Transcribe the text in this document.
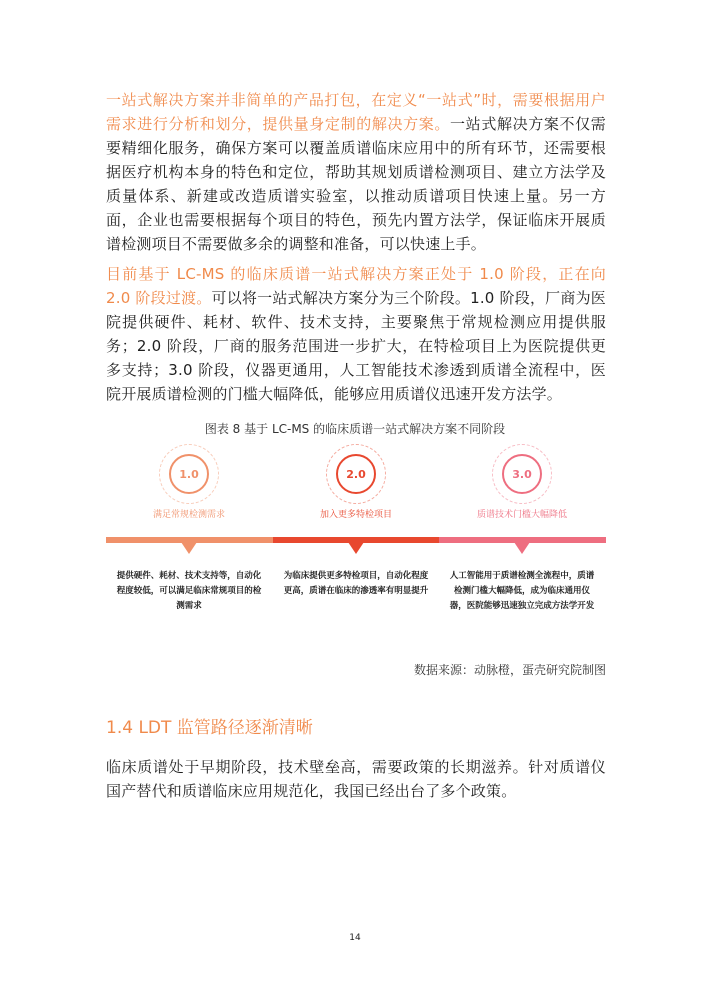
一站式解决方案并非简单的产品打包，在定义“一站式”时，需要根据用户需求进行分析和划分，提供量身定制的解决方案。一站式解决方案不仅需要精细化服务，确保方案可以覆盖质谱临床应用中的所有环节，还需要根据医疗机构本身的特色和定位，帮助其规划质谱检测项目、建立方法学及质量体系、新建或改造质谱实验室，以推动质谱项目快速上量。另一方面，企业也需要根据每个项目的特色，预先内置方法学，保证临床开展质谱检测项目不需要做多余的调整和准备，可以快速上手。

目前基于 LC-MS 的临床质谱一站式解决方案正处于 1.0 阶段，正在向 2.0 阶段过渡。可以将一站式解决方案分为三个阶段。1.0 阶段，厂商为医院提供硬件、耗材、软件、技术支持，主要聚焦于常规检测应用提供服务；2.0 阶段，厂商的服务范围进一步扩大，在特检项目上为医院提供更多支持；3.0 阶段，仪器更通用，人工智能技术渗透到质谱全流程中，医院开展质谱检测的门槛大幅降低，能够应用质谱仪迅速开发方法学。

图表 8 基于 LC-MS 的临床质谱一站式解决方案不同阶段
1.0
满足常规检测需求
提供硬件、耗材、技术支持等，自动化程度较低，可以满足临床常规项目的检测需求
2.0
加入更多特检项目
为临床提供更多特检项目，自动化程度更高，质谱在临床的渗透率有明显提升
3.0
质谱技术门槛大幅降低
人工智能用于质谱检测全流程中，质谱检测门槛大幅降低，成为临床通用仪器，医院能够迅速独立完成方法学开发
数据来源：动脉橙，蛋壳研究院制图
1.4 LDT 监管路径逐渐清晰

临床质谱处于早期阶段，技术壁垒高，需要政策的长期滋养。针对质谱仪国产替代和质谱临床应用规范化，我国已经出台了多个政策。

14
